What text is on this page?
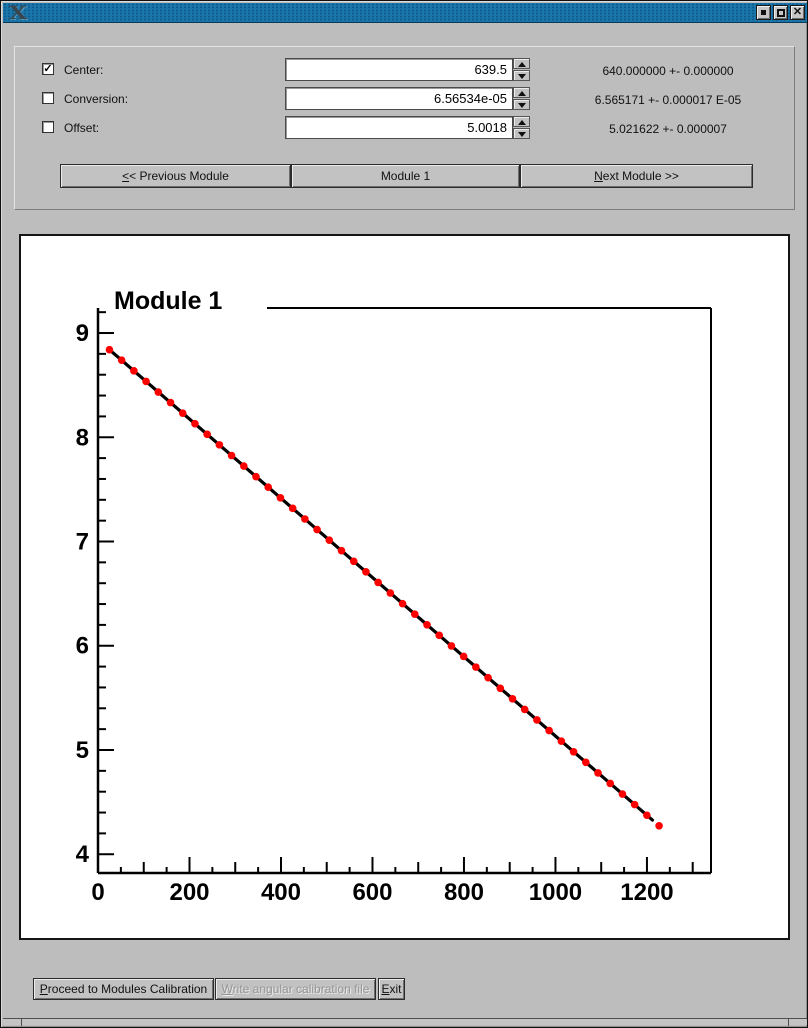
X	✕
✓ Center:
639.5	640.000000 +- 0.000000
Conversion:
6.56534e-05	6.565171 +- 0.000017 E-05
Offset:
5.0018	5.021622 +- 0.000007
<< Previous Module	Module 1	Next Module >>
4
5
6
7
8
9
0	200 400 600 800 1000 1200
Module 1
Proceed to Modules Calibration	Write angular calibration file	Exit
